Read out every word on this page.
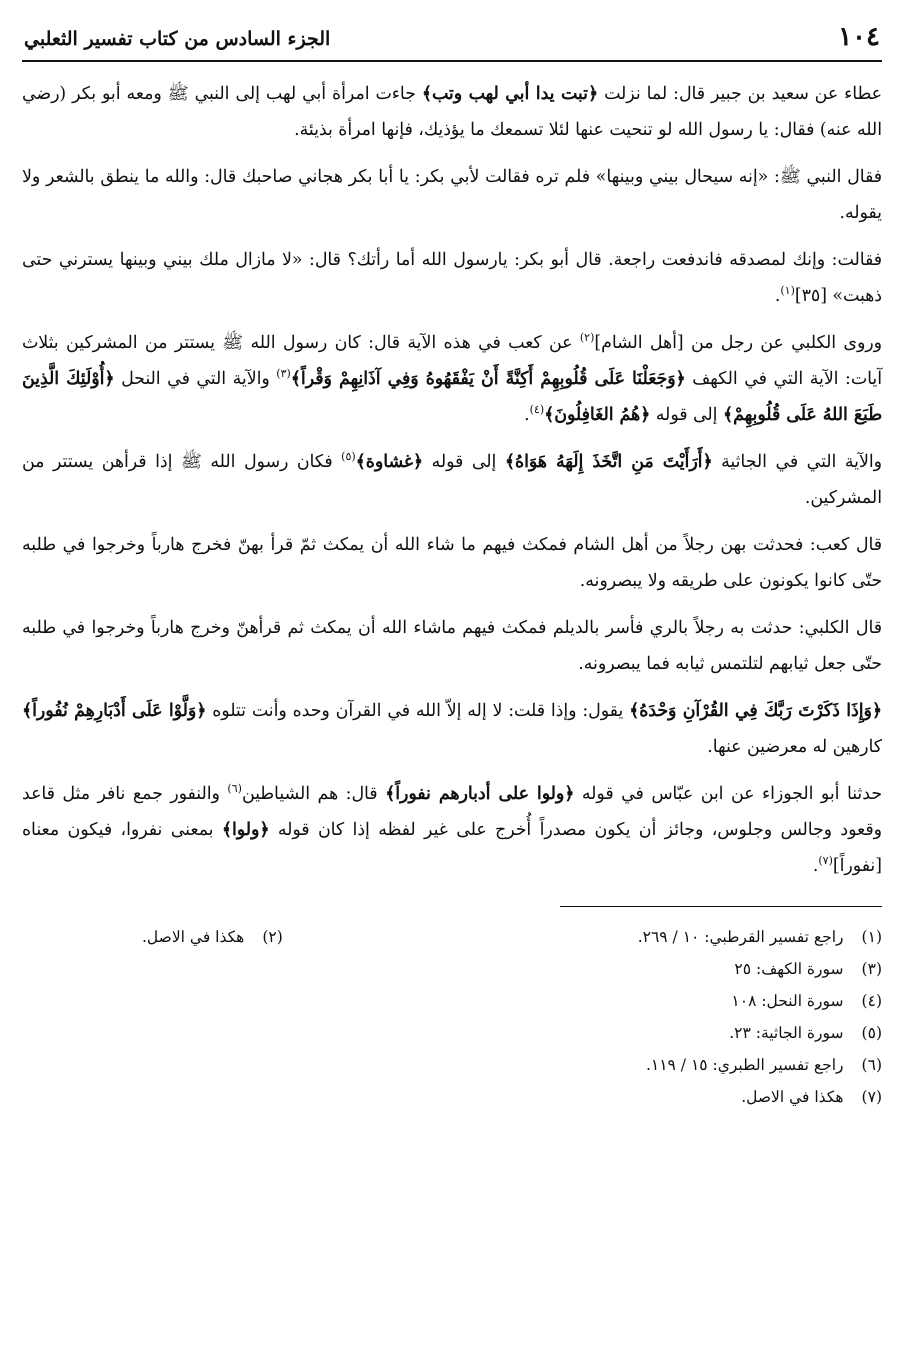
١٠٤
الجزء السادس من كتاب تفسير الثعلبي

عطاء عن سعيد بن جبير قال: لما نزلت ﴿تبت يدا أبي لهب وتب﴾ جاءت امرأة أبي لهب إلى النبي ﷺ ومعه أبو بكر (رضي الله عنه) فقال: يا رسول الله لو تنحيت عنها لئلا تسمعك ما يؤذيك، فإنها امرأة بذيئة.

فقال النبي ﷺ: «إنه سيحال بيني وبينها» فلم تره فقالت لأبي بكر: يا أبا بكر هجاني صاحبك قال: والله ما ينطق بالشعر ولا يقوله.

فقالت: وإنك لمصدقه فاندفعت راجعة. قال أبو بكر: يارسول الله أما رأتك؟ قال: «لا مازال ملك بيني وبينها يسترني حتى ذهبت» [٣٥]$^{(١)}$.

وروى الكلبي عن رجل من [أهل الشام]$^{(٢)}$ عن كعب في هذه الآية قال: كان رسول الله ﷺ يستتر من المشركين بثلاث آيات: الآية التي في الكهف ﴿وَجَعَلْنَا عَلَى قُلُوبِهِمْ أَكِنَّةً أَنْ يَفْقَهُوهُ وَفِي آذَانِهِمْ وَقْراً﴾$^{(٣)}$ والآية التي في النحل ﴿أُوْلَئِكَ الَّذِينَ طَبَعَ اللهُ عَلَى قُلُوبِهِمْ﴾ إلى قوله ﴿هُمُ الغَافِلُونَ﴾$^{(٤)}$.

والآية التي في الجاثية ﴿أَرَأَيْتَ مَنِ اتَّخَذَ إِلَهَهُ هَوَاهُ﴾ إلى قوله ﴿غشاوة﴾$^{(٥)}$ فكان رسول الله ﷺ إذا قرأهن يستتر من المشركين.

قال كعب: فحدثت بهن رجلاً من أهل الشام فمكث فيهم ما شاء الله أن يمكث ثمّ قرأ بهنّ فخرج هارباً وخرجوا في طلبه حتّى كانوا يكونون على طريقه ولا يبصرونه.

قال الكلبي: حدثت به رجلاً بالري فأسر بالديلم فمكث فيهم ماشاء الله أن يمكث ثم قرأهنّ وخرج هارباً وخرجوا في طلبه حتّى جعل ثيابهم لتلتمس ثيابه فما يبصرونه.

﴿وَإِذَا ذَكَرْتَ رَبَّكَ فِي القُرْآنِ وَحْدَهُ﴾ يقول: وإذا قلت: لا إله إلاّ الله في القرآن وحده وأنت تتلوه ﴿وَلَّوْا عَلَى أَدْبَارِهِمْ نُفُوراً﴾ كارهين له معرضين عنها.

حدثنا أبو الجوزاء عن ابن عبّاس في قوله ﴿ولوا على أدبارهم نفوراً﴾ قال: هم الشياطين$^{(٦)}$ والنفور جمع نافر مثل قاعد وقعود وجالس وجلوس، وجائز أن يكون مصدراً أُخرج على غير لفظه إذا كان قوله ﴿ولوا﴾ بمعنى نفروا، فيكون معناه [نفوراً]$^{(٧)}$.

(١)
راجع تفسير القرطبي: ١٠ / ٢٦٩.
(٢)
هكذا في الاصل.
(٣)
سورة الكهف: ٢٥
(٤)
سورة النحل: ١٠٨
(٥)
سورة الجاثية: ٢٣.
(٦)
راجع تفسير الطبري: ١٥ / ١١٩.
(٧)
هكذا في الاصل.
